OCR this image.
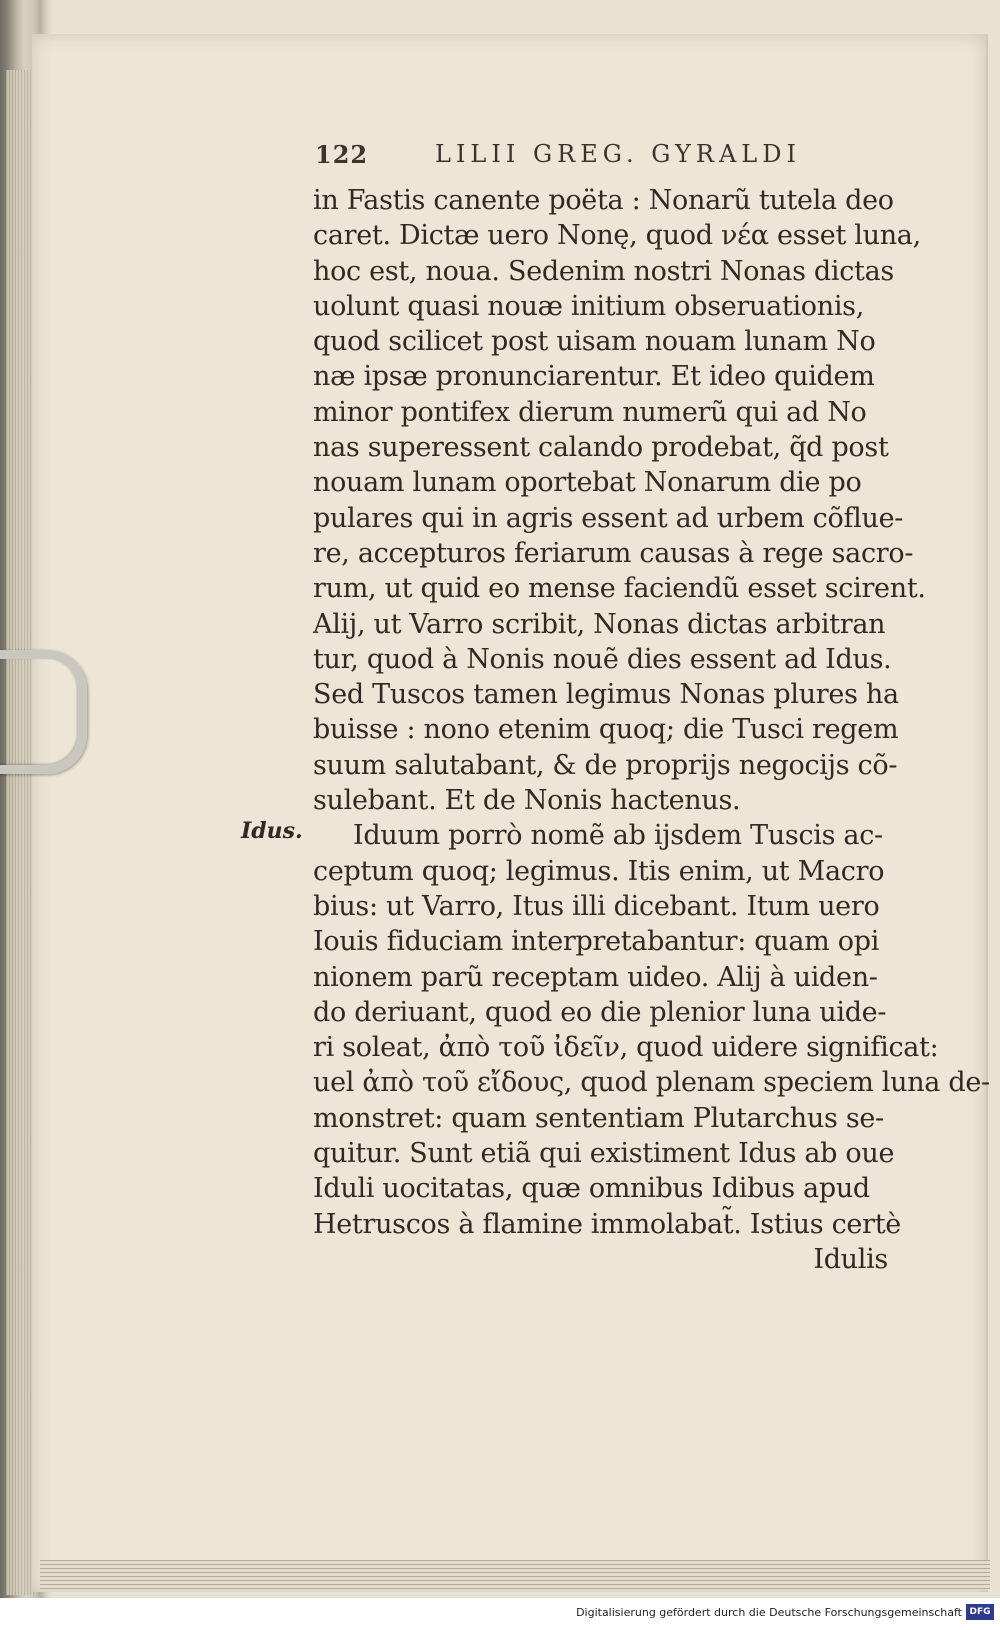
122	LILII GREG. GYRALDI
Idus.
in Fastis canente poëta : Nonarũ tutela deo
caret. Dictæ uero Nonę, quod νέα esset luna,
hoc est, noua. Sedenim nostri Nonas dictas
uolunt quasi nouæ initium obseruationis,
quod scilicet post uisam nouam lunam No
næ ipsæ pronunciarentur. Et ideo quidem
minor pontifex dierum numerũ qui ad No
nas superessent calando prodebat, q̃d post
nouam lunam oportebat Nonarum die po
pulares qui in agris essent ad urbem cõflue-
re, accepturos feriarum causas à rege sacro-
rum, ut quid eo mense faciendũ esset scirent.
Alij, ut Varro scribit, Nonas dictas arbitran
tur, quod à Nonis nouẽ dies essent ad Idus.
Sed Tuscos tamen legimus Nonas plures ha
buisse : nono etenim quoq; die Tusci regem
suum salutabant, & de proprijs negocijs cõ-
sulebant. Et de Nonis hactenus.
Iduum porrò nomẽ ab ijsdem Tuscis ac-
ceptum quoq; legimus. Itis enim, ut Macro
bius: ut Varro, Itus illi dicebant. Itum uero
Iouis fiduciam interpretabantur: quam opi
nionem parũ receptam uideo. Alij à uiden-
do deriuant, quod eo die plenior luna uide-
ri soleat, ἀπὸ τοῦ ἰδεῖν, quod uidere significat:
uel ἀπὸ τοῦ εἴδους, quod plenam speciem luna de-
monstret: quam sententiam Plutarchus se-
quitur. Sunt etiã qui existiment Idus ab oue
Iduli uocitatas, quæ omnibus Idibus apud
Hetruscos à flamine immolabat̃. Istius certè
Idulis
Digitalisierung gefördert durch die Deutsche Forschungsgemeinschaft DFG
